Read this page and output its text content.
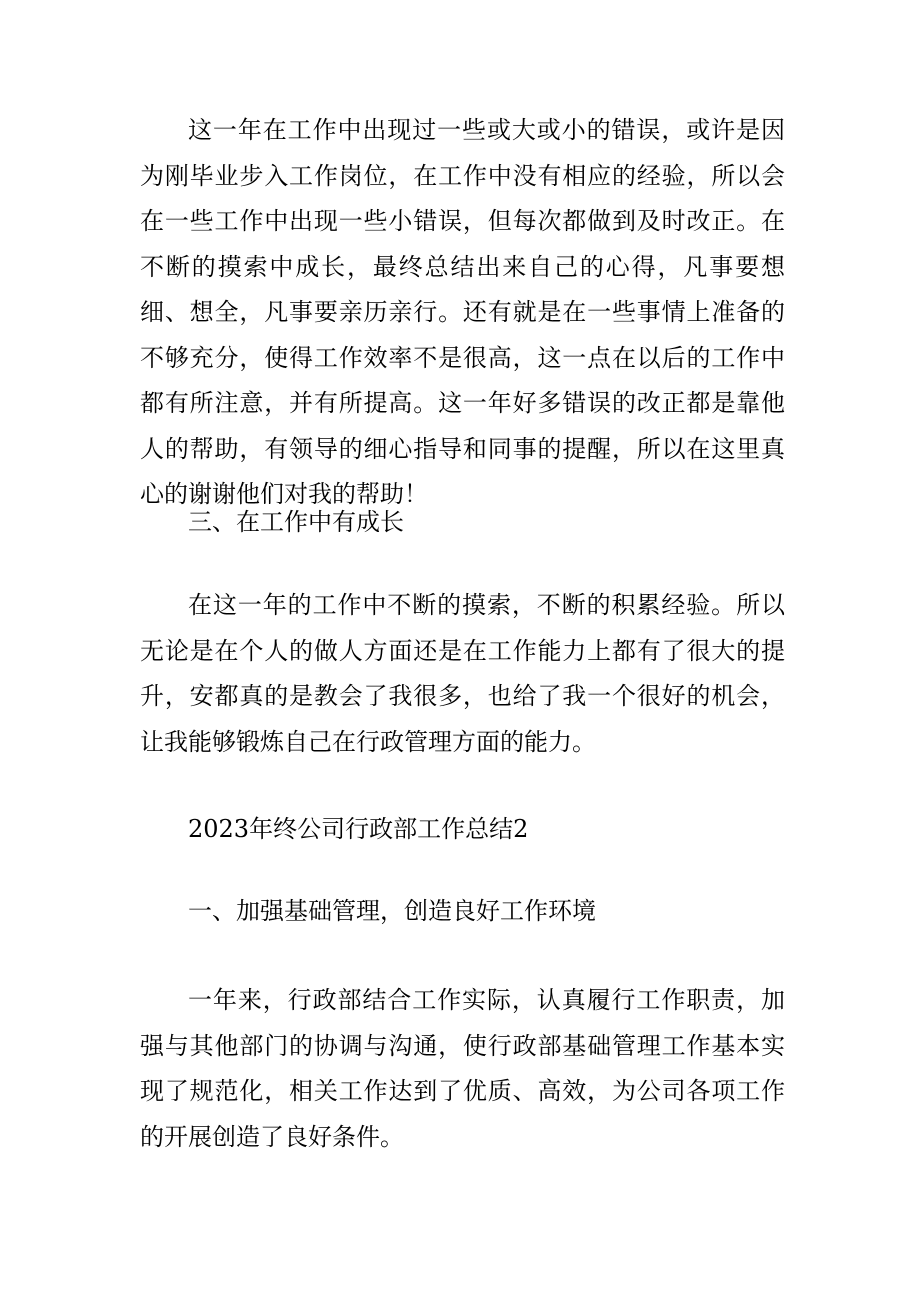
这一年在工作中出现过一些或大或小的错误，或许是因为刚毕业步入工作岗位，在工作中没有相应的经验，所以会在一些工作中出现一些小错误，但每次都做到及时改正。在不断的摸索中成长，最终总结出来自己的心得，凡事要想细、想全，凡事要亲历亲行。还有就是在一些事情上准备的不够充分，使得工作效率不是很高，这一点在以后的工作中都有所注意，并有所提高。这一年好多错误的改正都是靠他人的帮助，有领导的细心指导和同事的提醒，所以在这里真心的谢谢他们对我的帮助！

三、在工作中有成长

在这一年的工作中不断的摸索，不断的积累经验。所以无论是在个人的做人方面还是在工作能力上都有了很大的提升，安都真的是教会了我很多，也给了我一个很好的机会，让我能够锻炼自己在行政管理方面的能力。

2023年终公司行政部工作总结2

一、加强基础管理，创造良好工作环境

一年来，行政部结合工作实际，认真履行工作职责，加强与其他部门的协调与沟通，使行政部基础管理工作基本实现了规范化，相关工作达到了优质、高效，为公司各项工作的开展创造了良好条件。
